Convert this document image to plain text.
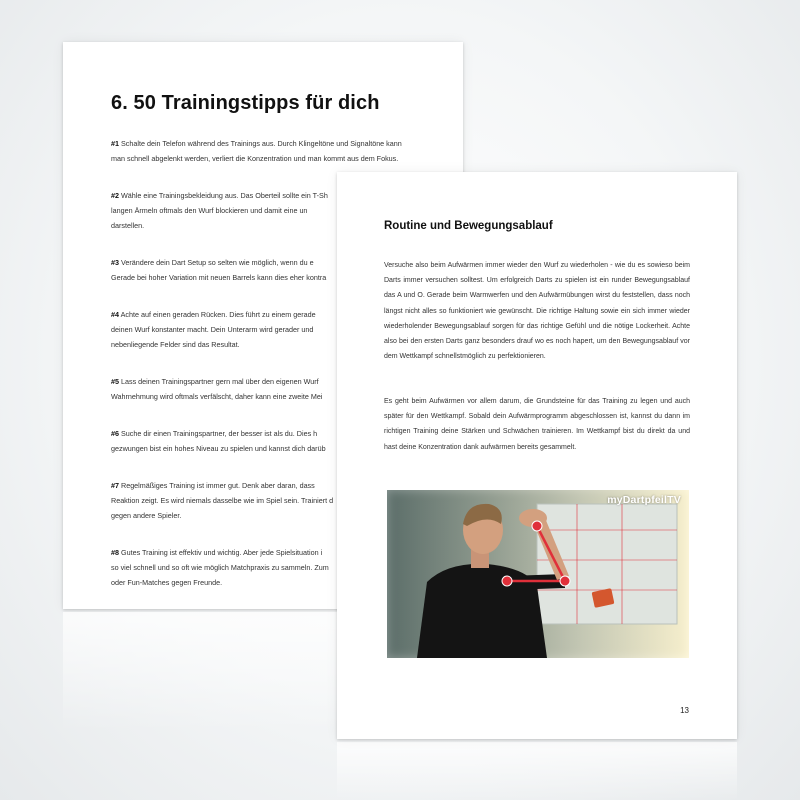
6. 50 Trainingstipps für dich

#1 Schalte dein Telefon während des Trainings aus. Durch Klingeltöne und Signaltöne kann
man schnell abgelenkt werden, verliert die Konzentration und man kommt aus dem Fokus.

#2 Wähle eine Trainingsbekleidung aus. Das Oberteil sollte ein T-Sh
langen Ärmeln oftmals den Wurf blockieren und damit eine un
darstellen.

#3 Verändere dein Dart Setup so selten wie möglich, wenn du e
Gerade bei hoher Variation mit neuen Barrels kann dies eher kontra

#4 Achte auf einen geraden Rücken. Dies führt zu einem gerade
deinen Wurf konstanter macht. Dein Unterarm wird gerader und
nebenliegende Felder sind das Resultat.

#5 Lass deinen Trainingspartner gern mal über den eigenen Wurf
Wahrnehmung wird oftmals verfälscht, daher kann eine zweite Mei

#6 Suche dir einen Trainingspartner, der besser ist als du. Dies h
gezwungen bist ein hohes Niveau zu spielen und kannst dich darüb

#7 Regelmäßiges Training ist immer gut. Denk aber daran, dass
Reaktion zeigt. Es wird niemals dasselbe wie im Spiel sein. Trainiert d
gegen andere Spieler.

#8 Gutes Training ist effektiv und wichtig. Aber jede Spielsituation i
so viel schnell und so oft wie möglich Matchpraxis zu sammeln. Zum
oder Fun-Matches gegen Freunde.

Routine und Bewegungsablauf

Versuche also beim Aufwärmen immer wieder den Wurf zu wiederholen - wie du es sowieso beim Darts immer versuchen solltest. Um erfolgreich Darts zu spielen ist ein runder Bewegungsablauf das A und O. Gerade beim Warmwerfen und den Aufwärmübungen wirst du feststellen, dass noch längst nicht alles so funktioniert wie gewünscht. Die richtige Haltung sowie ein sich immer wieder wiederholender Bewegungsablauf sorgen für das richtige Gefühl und die nötige Lockerheit. Achte also bei den ersten Darts ganz besonders drauf wo es noch hapert, um den Bewegungsablauf vor dem Wettkampf schnellstmöglich zu perfektionieren.

Es geht beim Aufwärmen vor allem darum, die Grundsteine für das Training zu legen und auch später für den Wettkampf. Sobald dein Aufwärmprogramm abgeschlossen ist, kannst du dann im richtigen Training deine Stärken und Schwächen trainieren. Im Wettkampf bist du direkt da und hast deine Konzentration dank aufwärmen bereits gesammelt.

myDartpfeilTV
13
